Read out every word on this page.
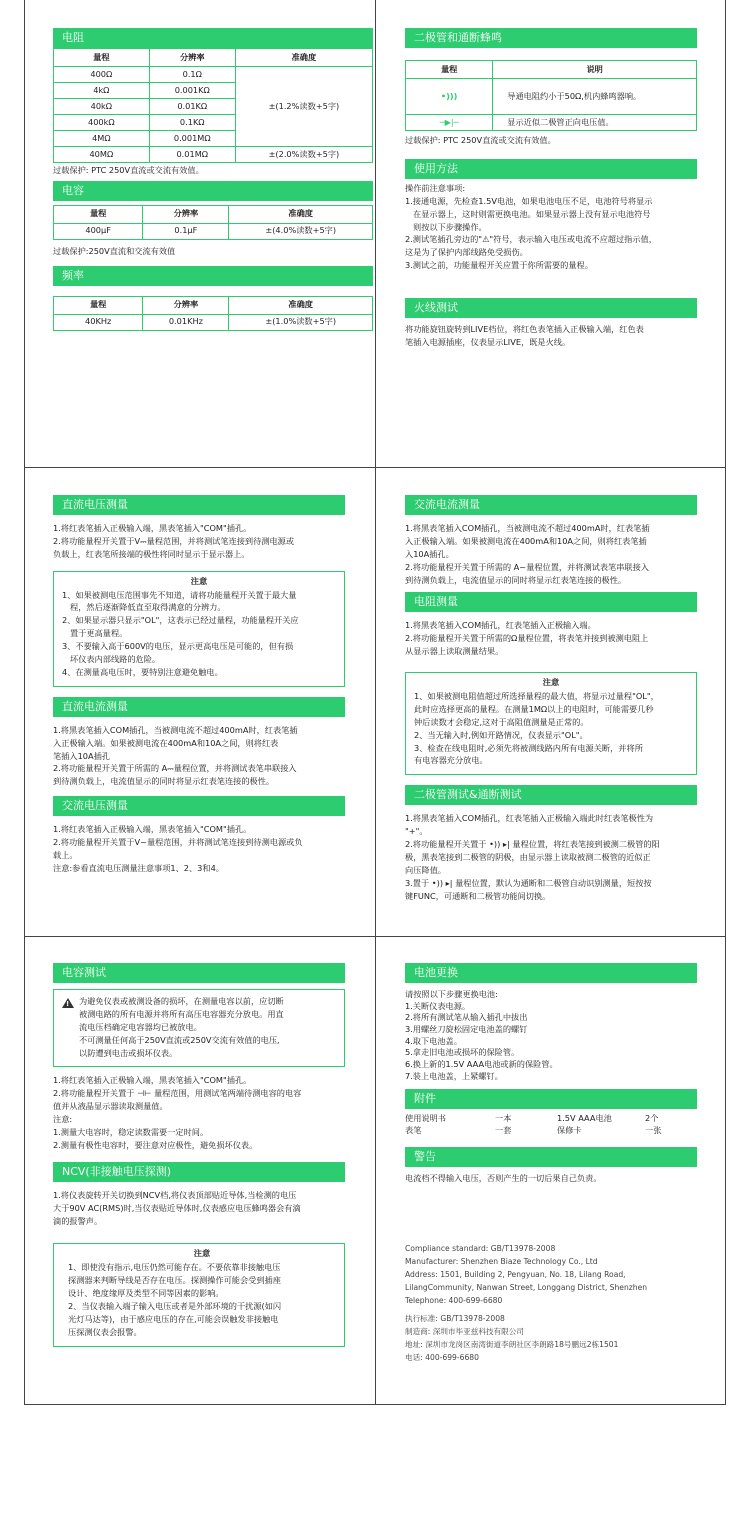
电阻
量程	分辨率	准确度
400Ω	0.1Ω	±(1.2%读数+5字)
4kΩ	0.001KΩ	
40kΩ	0.01KΩ	
400kΩ	0.1KΩ	
4MΩ	0.001MΩ	
40MΩ	0.01MΩ	±(2.0%读数+5字)
过载保护: PTC 250V直流或交流有效值。
电容
量程	分辨率	准确度
400μF	0.1μF	±(4.0%读数+5字)
过载保护:250V直流和交流有效值
频率
量程	分辨率	准确度
40KHz	0.01KHz	±(1.0%读数+5字)
二极管和通断蜂鸣
量程	说明
•)))	导通电阻约小于50Ω,机内蜂鸣器响。
─▶|─	显示近似二极管正向电压值。
过载保护: PTC 250V直流或交流有效值。
使用方法
操作前注意事项:
1.接通电源，先检查1.5V电池，如果电池电压不足，电池符号将显示
在显示器上，这时则需更换电池。如果显示器上没有显示电池符号
则按以下步骤操作。
2.测试笔插孔旁边的"⚠"符号，表示输入电压或电流不应超过指示值，
这是为了保护内部线路免受损伤。
3.测试之前，功能量程开关应置于你所需要的量程。
火线测试
将功能旋钮旋转到LIVE档位，将红色表笔插入正极输入端，红色表
笔插入电源插座，仪表显示LIVE，既是火线。
直流电压测量
1.将红表笔插入正极输入端，黑表笔插入"COM"插孔。
2.将功能量程开关置于V⎓量程范围，并将测试笔连接到待测电源或
负载上，红表笔所接端的极性将同时显示于显示器上。
注意
1、如果被测电压范围事先不知道，请将功能量程开关置于最大量
程，然后逐渐降低直至取得满意的分辨力。
2、如果显示器只显示"OL"，这表示已经过量程，功能量程开关应
置于更高量程。
3、不要输入高于600V的电压，显示更高电压是可能的，但有损
坏仪表内部线路的危险。
4、在测量高电压时，要特别注意避免触电。
直流电流测量
1.将黑表笔插入COM插孔，当被测电流不超过400mA时，红表笔插
入正极输入端。如果被测电流在400mA和10A之间，则将红表
笔插入10A插孔
2.将功能量程开关置于所需的 A⎓量程位置，并将测试表笔串联接入
到待测负载上，电流值显示的同时将显示红表笔连接的极性。
交流电压测量
1.将红表笔插入正极输入端，黑表笔插入"COM"插孔。
2.将功能量程开关置于V~量程范围，并将测试笔连接到待测电源或负
载上。
注意:参看直流电压测量注意事项1、2、3和4。
交流电流测量
1.将黑表笔插入COM插孔，当被测电流不超过400mA时，红表笔插
入正极输入端。如果被测电流在400mA和10A之间，则将红表笔插
入10A插孔。
2.将功能量程开关置于所需的 A~量程位置，并将测试表笔串联接入
到待测负载上，电流值显示的同时将显示红表笔连接的极性。
电阻测量
1.将黑表笔插入COM插孔，红表笔插入正极输入端。
2.将功能量程开关置于所需的Ω量程位置，将表笔并接到被测电阻上
从显示器上读取测量结果。
注意
1、如果被测电阻值超过所选择量程的最大值，将显示过量程"OL"，
此时应选择更高的量程。在测量1MΩ以上的电阻时，可能需要几秒
钟后读数才会稳定,这对于高阻值测量是正常的。
2、当无输入时,例如开路情况，仪表显示"OL"。
3、检查在线电阻时,必须先将被测线路内所有电源关断，并将所
有电容器充分放电。
二极管测试&通断测试
1.将黑表笔插入COM插孔，红表笔插入正极输入端此时红表笔极性为
"+"。
2.将功能量程开关置于 •)) ▸| 量程位置，将红表笔接到被测二极管的阳
极，黑表笔接到二极管的阴极，由显示器上读取被测二极管的近似正
向压降值。
3.置于 •)) ▸| 量程位置，默认为通断和二极管自动识别测量，短按按
键FUNC，可通断和二极管功能间切换。
电容测试
!
为避免仪表或被测设备的损坏，在测量电容以前，应切断
被测电路的所有电源并将所有高压电容器充分放电。用直
流电压档确定电容器均已被放电。
不可测量任何高于250V直流或250V交流有效值的电压,
以防遭到电击或损坏仪表。
1.将红表笔插入正极输入端，黑表笔插入"COM"插孔。
2.将功能量程开关置于 ⊣⊢ 量程范围，用测试笔两端待测电容的电容
值并从液晶显示器读取测量值。
注意:
1.测量大电容时，稳定读数需要一定时间。
2.测量有极性电容时，要注意对应极性，避免损坏仪表。
NCV(非接触电压探测)
1.将仪表旋转开关切换到NCV档,将仪表顶部贴近导体,当检测的电压
大于90V AC(RMS)时,当仪表贴近导体时,仪表感应电压蜂鸣器会有滴
滴的报警声。
注意
1、即使没有指示,电压仍然可能存在。不要依靠非接触电压
探测器来判断导线是否存在电压。探测操作可能会受到插座
设计、绝度缘厚及类型不同等因素的影响。
2、当仪表输入端子输入电压或者是外部环境的干扰源(如闪
光灯马达等)，由于感应电压的存在,可能会误触发非接触电
压探测仪表会报警。
电池更换
请按照以下步骤更换电池:
1.关断仪表电源。
2.将所有测试笔从输入插孔中拔出
3.用螺丝刀旋松固定电池盖的螺钉
4.取下电池盖。
5.拿走旧电池或损坏的保险管。
6.换上新的1.5V AAA电池或新的保险管。
7.装上电池盖，上紧螺钉。
附件
使用说明书	一本	1.5V AAA电池	2个
表笔	一套	保修卡	一张
警告
电流档不得输入电压，否则产生的一切后果自己负责。
Compliance standard: GB/T13978-2008
Manufacturer: Shenzhen Biaze Technology Co., Ltd
Address: 1501, Building 2, Pengyuan, No. 18, Lilang Road,
LilangCommunity, Nanwan Street, Longgang District, Shenzhen
Telephone: 400-699-6680
执行标准: GB/T13978-2008
制造商: 深圳市毕亚兹科技有限公司
地址: 深圳市龙岗区南湾街道李朗社区李朗路18号鹏远2栋1501
电话: 400-699-6680
